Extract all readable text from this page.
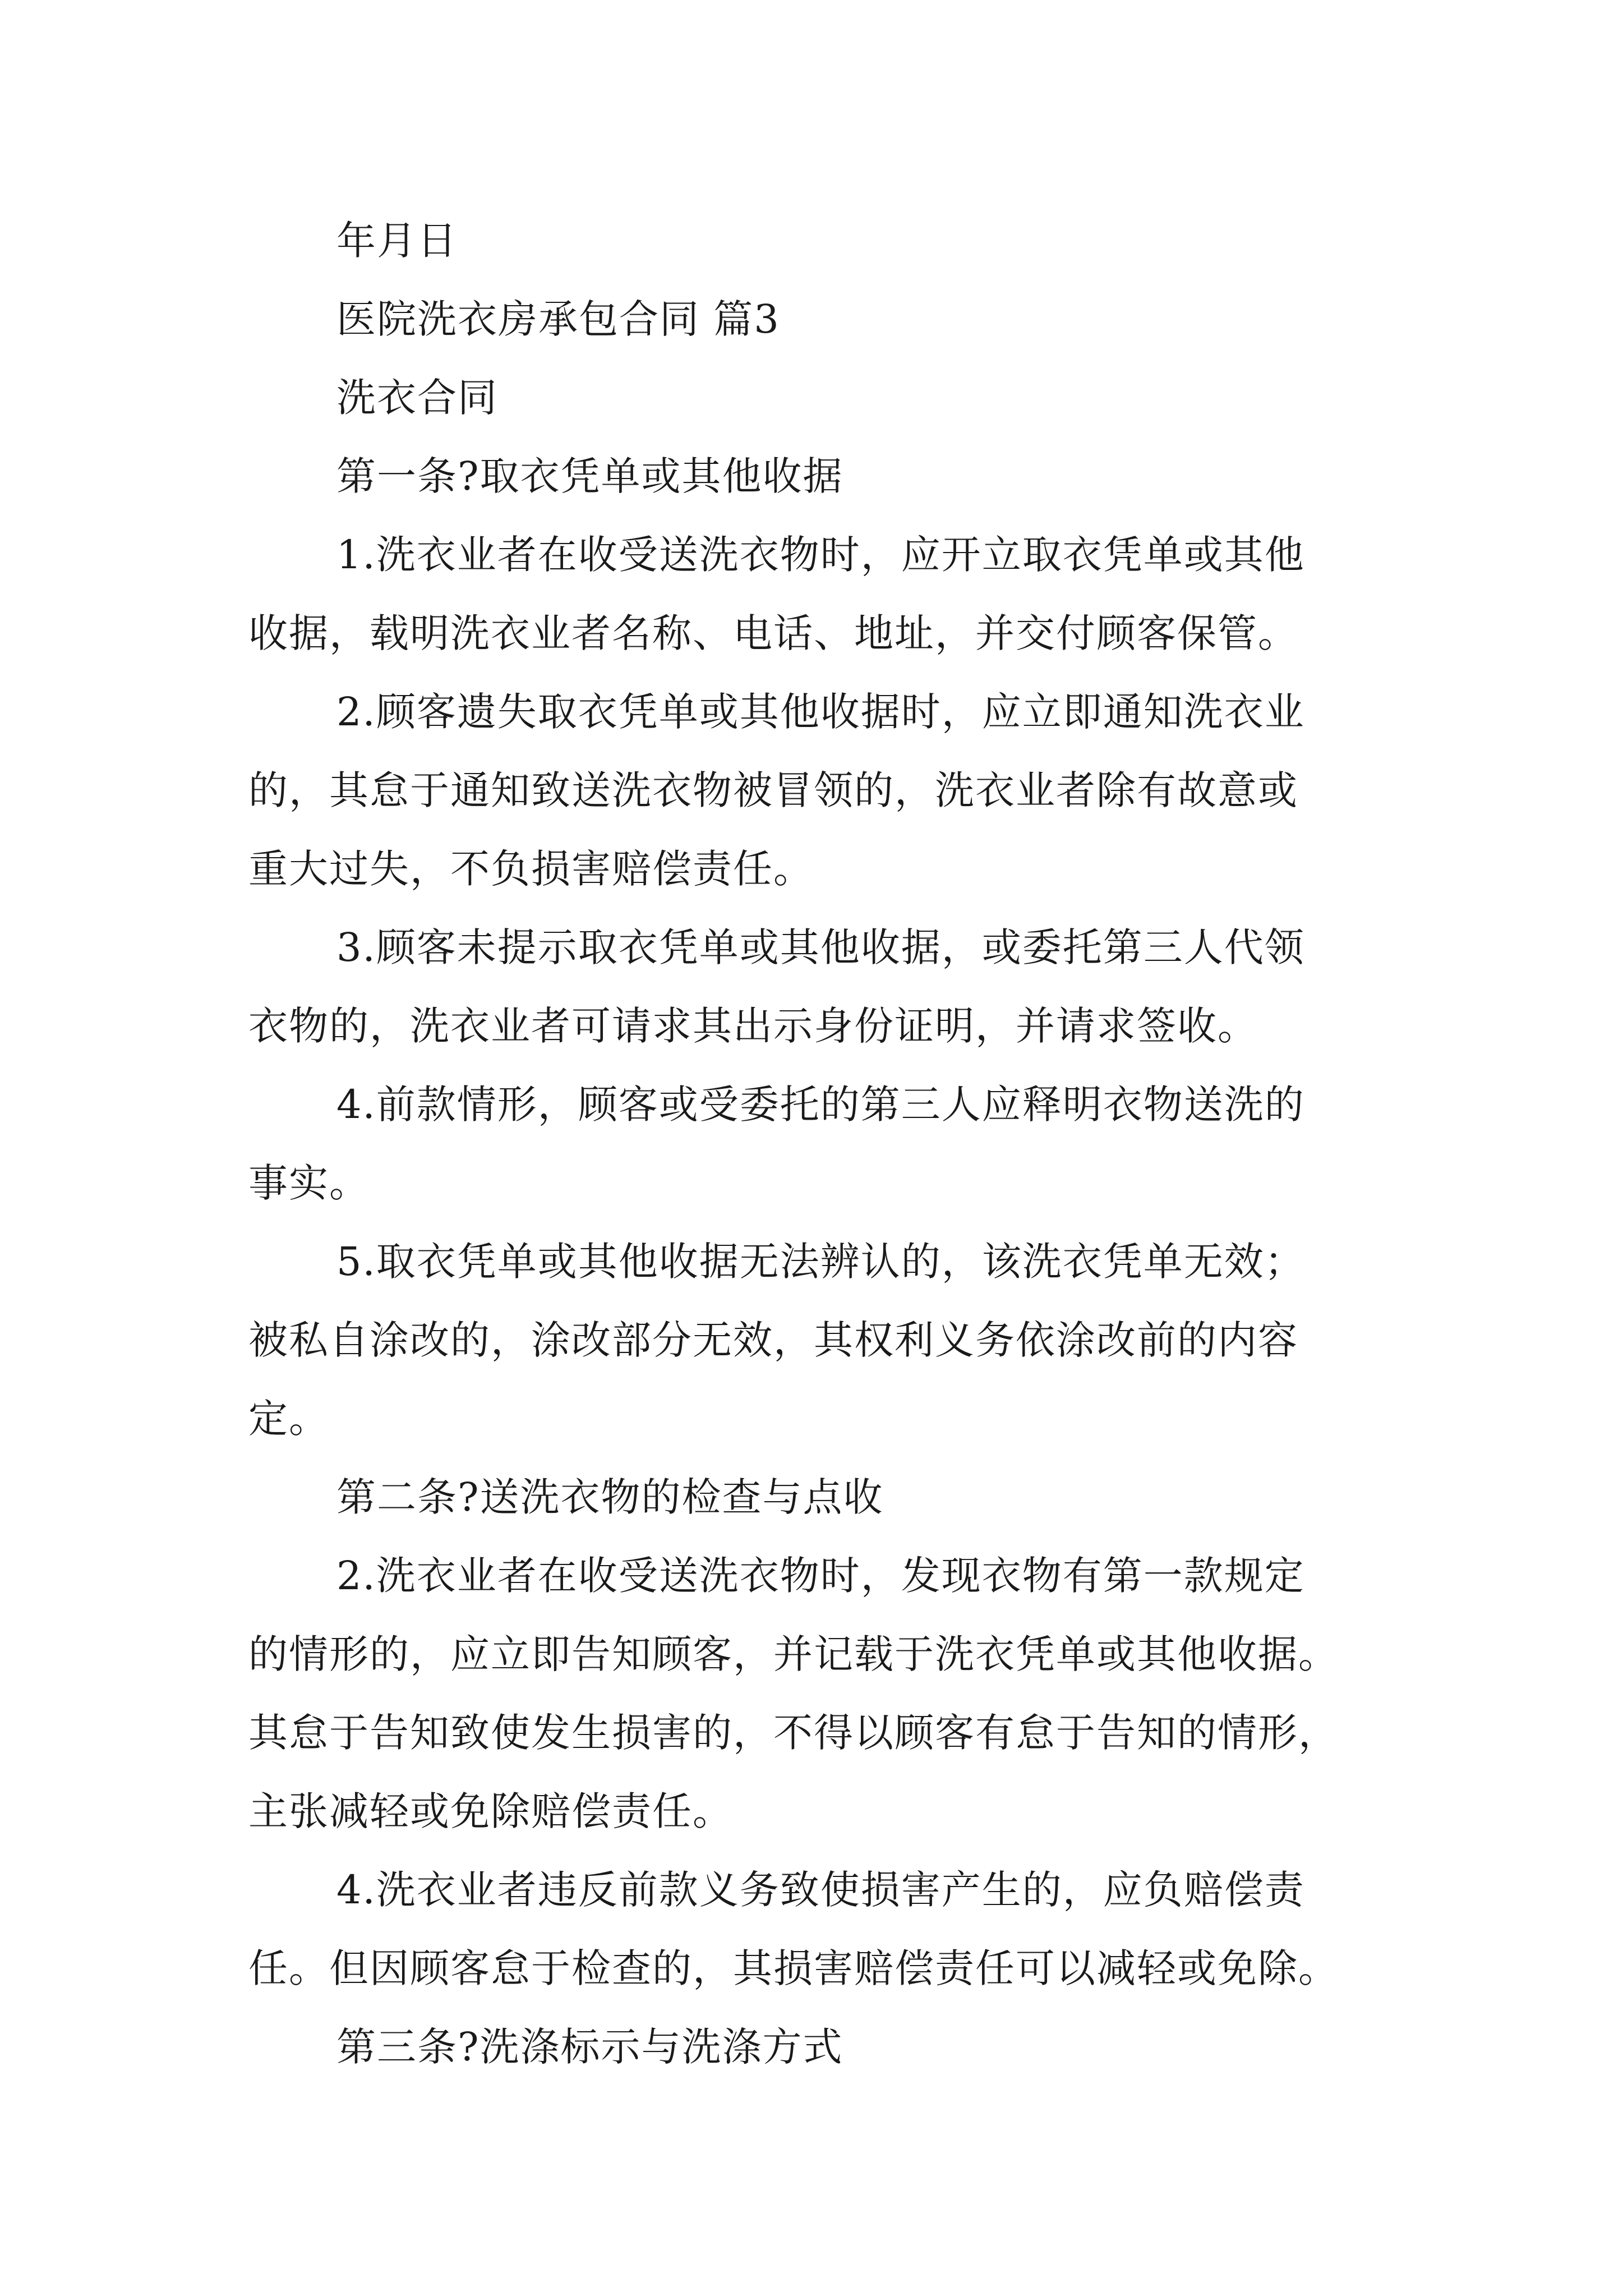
年月日
医院洗衣房承包合同 篇3
洗衣合同
第一条?取衣凭单或其他收据
1.洗衣业者在收受送洗衣物时，应开立取衣凭单或其他
收据，载明洗衣业者名称、电话、地址，并交付顾客保管。
2.顾客遗失取衣凭单或其他收据时，应立即通知洗衣业
的，其怠于通知致送洗衣物被冒领的，洗衣业者除有故意或
重大过失，不负损害赔偿责任。
3.顾客未提示取衣凭单或其他收据，或委托第三人代领
衣物的，洗衣业者可请求其出示身份证明，并请求签收。
4.前款情形，顾客或受委托的第三人应释明衣物送洗的
事实。
5.取衣凭单或其他收据无法辨认的，该洗衣凭单无效；
被私自涂改的，涂改部分无效，其权利义务依涂改前的内容
定。
第二条?送洗衣物的检查与点收
2.洗衣业者在收受送洗衣物时，发现衣物有第一款规定
的情形的，应立即告知顾客，并记载于洗衣凭单或其他收据。
其怠于告知致使发生损害的，不得以顾客有怠于告知的情形，
主张减轻或免除赔偿责任。
4.洗衣业者违反前款义务致使损害产生的，应负赔偿责
任。但因顾客怠于检查的，其损害赔偿责任可以减轻或免除。
第三条?洗涤标示与洗涤方式
